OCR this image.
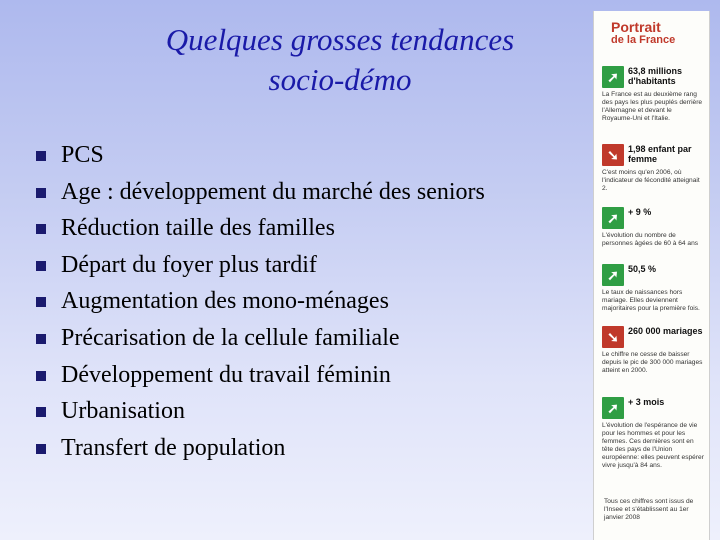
Quelques grosses tendances
socio-démo
PCS
Age : développement du marché des seniors
Réduction taille des familles
Départ du foyer plus tardif
Augmentation des mono-ménages
Précarisation de la cellule familiale
Développement du travail féminin
Urbanisation
Transfert de population
Portrait
de la France
➚	63,8 millions d'habitants
La France est au deuxième rang des pays les plus peuplés derrière l'Allemagne et devant le Royaume-Uni et l'Italie.
➘	1,98 enfant par femme
C'est moins qu'en 2006, où l'indicateur de fécondité atteignait 2.
➚	+ 9 %
L'évolution du nombre de personnes âgées de 60 à 64 ans
➚	50,5 %
Le taux de naissances hors mariage. Elles deviennent majoritaires pour la première fois.
➘	260 000 mariages
Le chiffre ne cesse de baisser depuis le pic de 300 000 mariages atteint en 2000.
➚	+ 3 mois
L'évolution de l'espérance de vie pour les hommes et pour les femmes. Ces dernières sont en tête des pays de l'Union européenne: elles peuvent espérer vivre jusqu'à 84 ans.
Tous ces chiffres sont issus de l'Insee et s'établissent au 1er janvier 2008
